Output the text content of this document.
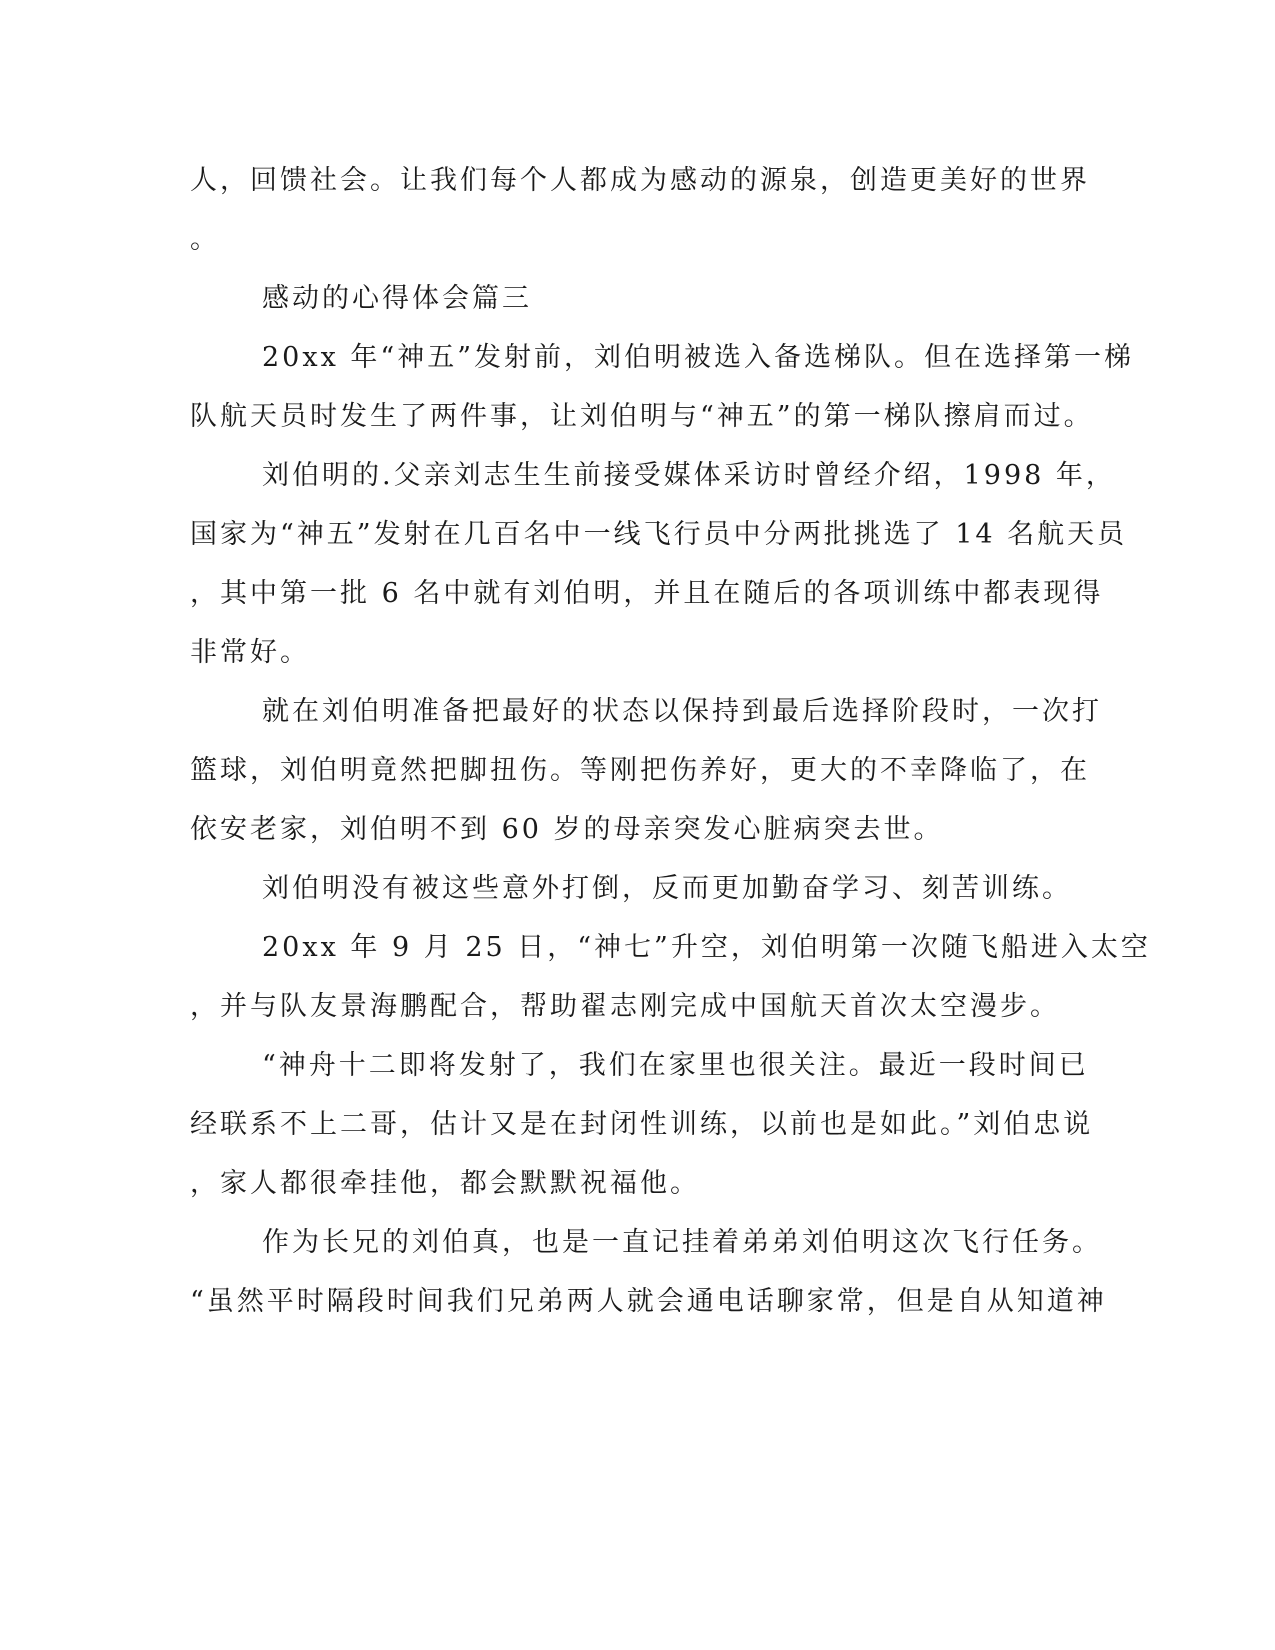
人，回馈社会。让我们每个人都成为感动的源泉，创造更美好的世界
。
感动的心得体会篇三
20xx 年“神五”发射前，刘伯明被选入备选梯队。但在选择第一梯
队航天员时发生了两件事，让刘伯明与“神五”的第一梯队擦肩而过。
刘伯明的.父亲刘志生生前接受媒体采访时曾经介绍，1998 年，
国家为“神五”发射在几百名中一线飞行员中分两批挑选了 14 名航天员
，其中第一批 6 名中就有刘伯明，并且在随后的各项训练中都表现得
非常好。
就在刘伯明准备把最好的状态以保持到最后选择阶段时，一次打
篮球，刘伯明竟然把脚扭伤。等刚把伤养好，更大的不幸降临了，在
依安老家，刘伯明不到 60 岁的母亲突发心脏病突去世。
刘伯明没有被这些意外打倒，反而更加勤奋学习、刻苦训练。
20xx 年 9 月 25 日，“神七”升空，刘伯明第一次随飞船进入太空
，并与队友景海鹏配合，帮助翟志刚完成中国航天首次太空漫步。
“神舟十二即将发射了，我们在家里也很关注。最近一段时间已
经联系不上二哥，估计又是在封闭性训练，以前也是如此。”刘伯忠说
，家人都很牵挂他，都会默默祝福他。
作为长兄的刘伯真，也是一直记挂着弟弟刘伯明这次飞行任务。
“虽然平时隔段时间我们兄弟两人就会通电话聊家常，但是自从知道神
